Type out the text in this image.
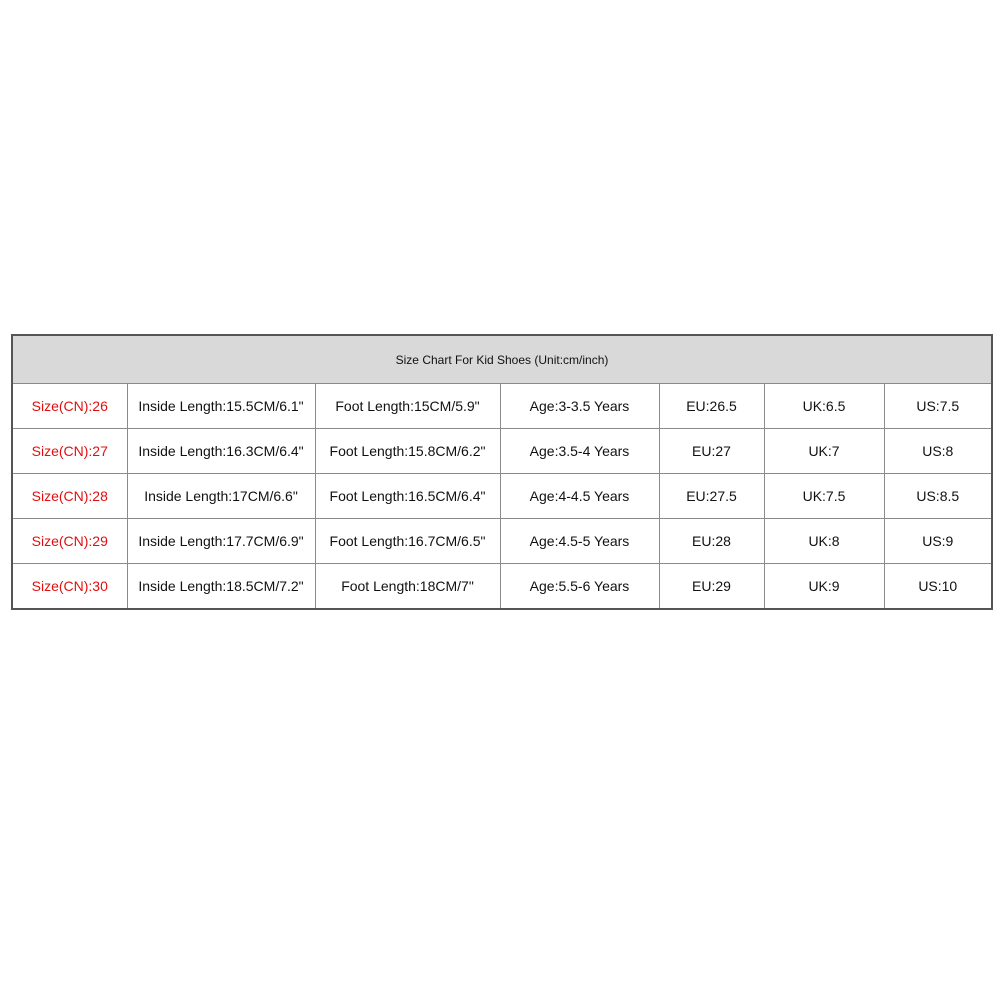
Size Chart For Kid Shoes (Unit:cm/inch)						
Size(CN):26	Inside Length:15.5CM/6.1"	Foot Length:15CM/5.9"	Age:3-3.5 Years	EU:26.5	UK:6.5	US:7.5
Size(CN):27	Inside Length:16.3CM/6.4"	Foot Length:15.8CM/6.2"	Age:3.5-4 Years	EU:27	UK:7	US:8
Size(CN):28	Inside Length:17CM/6.6"	Foot Length:16.5CM/6.4"	Age:4-4.5 Years	EU:27.5	UK:7.5	US:8.5
Size(CN):29	Inside Length:17.7CM/6.9"	Foot Length:16.7CM/6.5"	Age:4.5-5 Years	EU:28	UK:8	US:9
Size(CN):30	Inside Length:18.5CM/7.2"	Foot Length:18CM/7"	Age:5.5-6 Years	EU:29	UK:9	US:10
